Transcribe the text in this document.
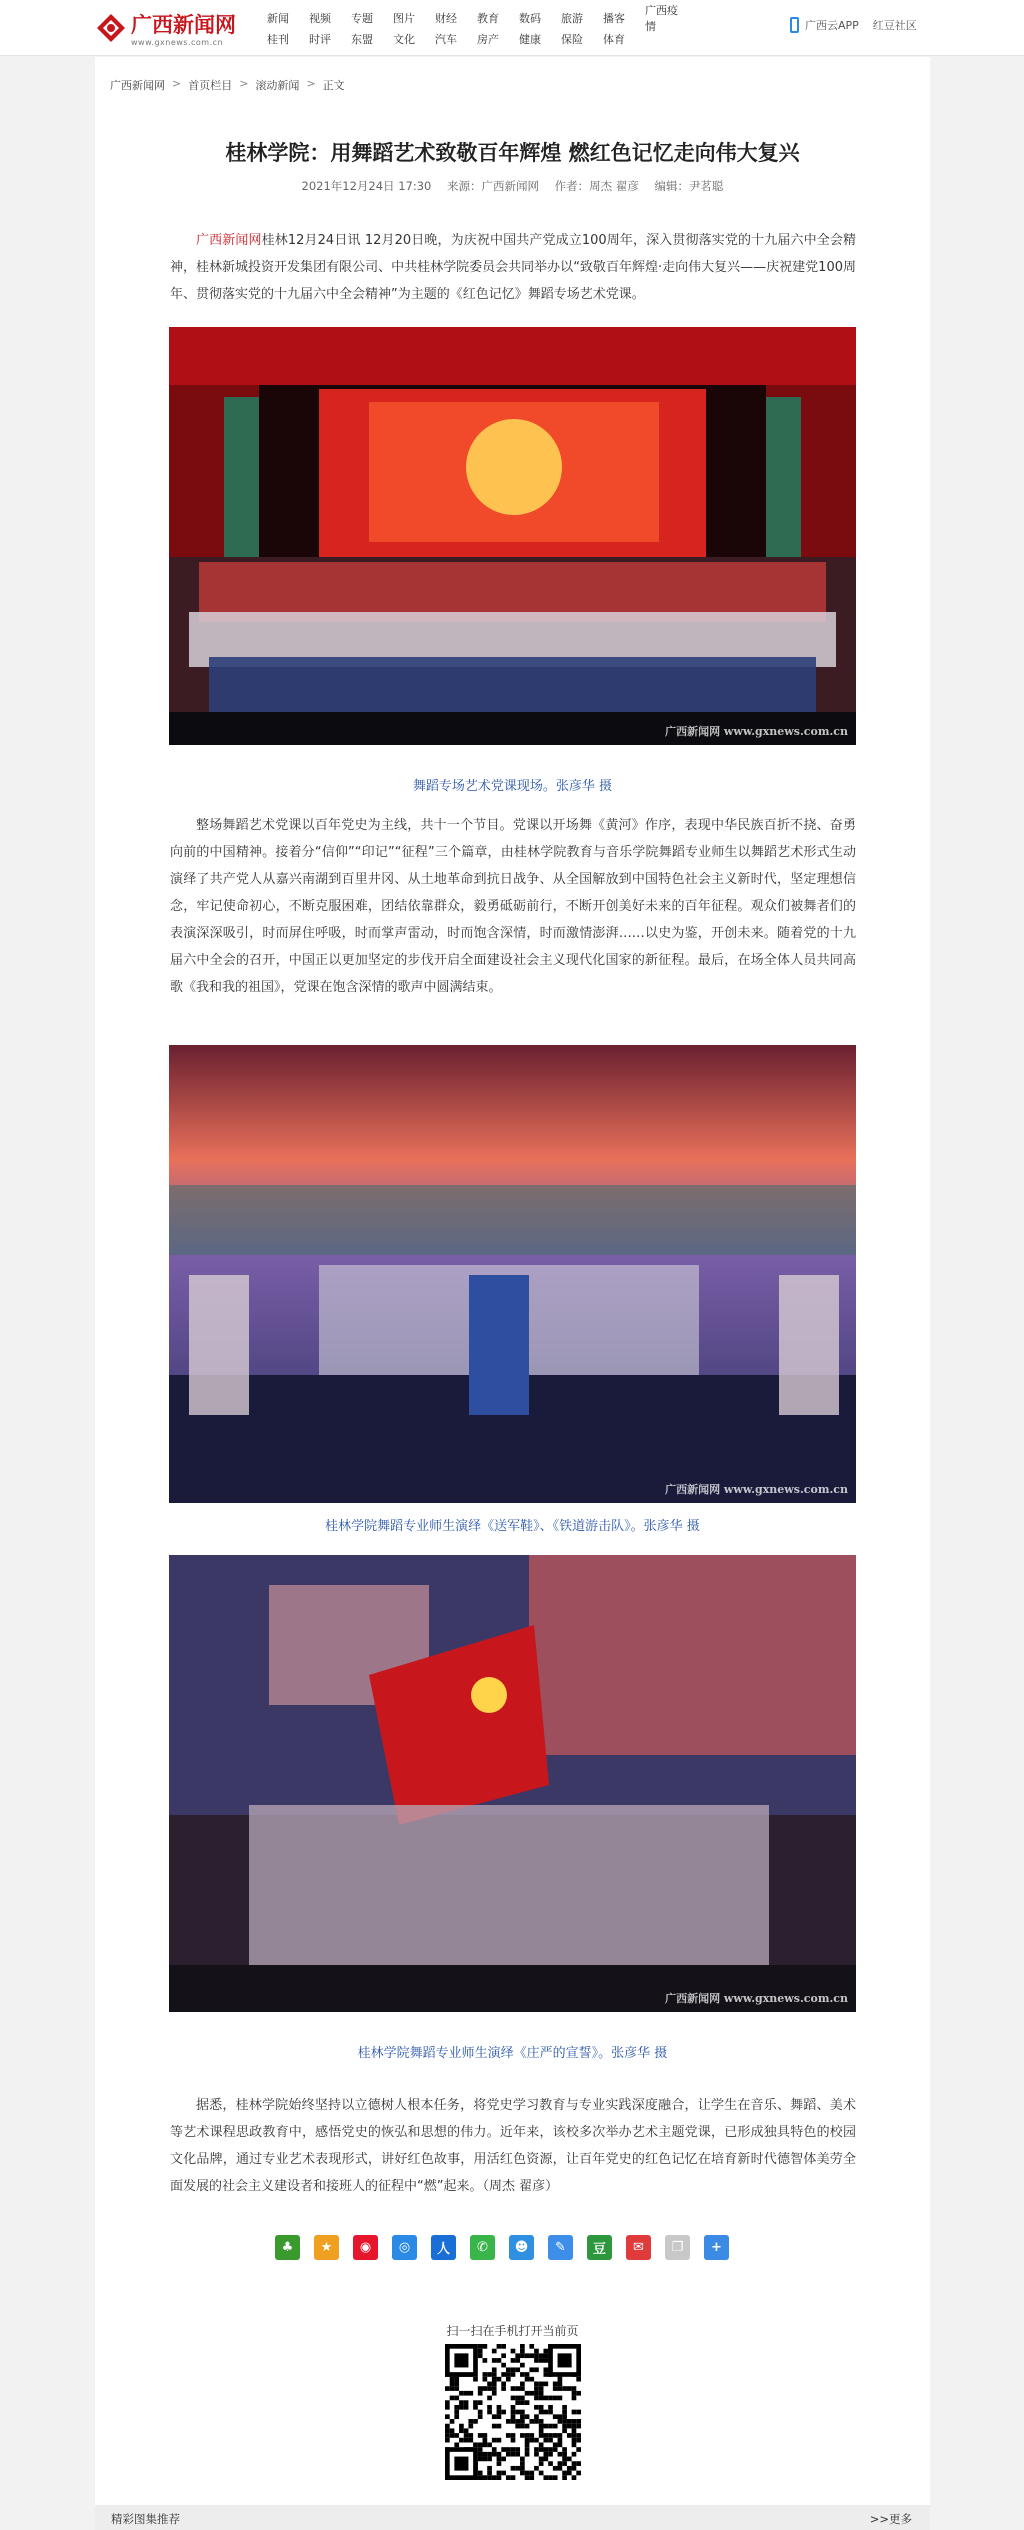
广西新闻网
www.gxnews.com.cn
新闻	视频	专题	图片	财经	教育	数码	旅游	播客
广西疫情
桂刊	时评	东盟	文化	汽车	房产	健康	保险	体育
广西云APP 红豆社区
广西新闻网 > 首页栏目 > 滚动新闻 > 正文
桂林学院：用舞蹈艺术致敬百年辉煌 燃红色记忆走向伟大复兴
2021年12月24日 17:30 来源：广西新闻网 作者：周杰 翟彦 编辑：尹茗聪

广西新闻网桂林12月24日讯 12月20日晚，为庆祝中国共产党成立100周年，深入贯彻落实党的十九届六中全会精神，桂林新城投资开发集团有限公司、中共桂林学院委员会共同举办以“致敬百年辉煌·走向伟大复兴——庆祝建党100周年、贯彻落实党的十九届六中全会精神”为主题的《红色记忆》舞蹈专场艺术党课。

广西新闻网 www.gxnews.com.cn
舞蹈专场艺术党课现场。张彦华 摄

整场舞蹈艺术党课以百年党史为主线，共十一个节目。党课以开场舞《黄河》作序，表现中华民族百折不挠、奋勇向前的中国精神。接着分“信仰”“印记”“征程”三个篇章，由桂林学院教育与音乐学院舞蹈专业师生以舞蹈艺术形式生动演绎了共产党人从嘉兴南湖到百里井冈、从土地革命到抗日战争、从全国解放到中国特色社会主义新时代，坚定理想信念，牢记使命初心，不断克服困难，团结依靠群众，毅勇砥砺前行，不断开创美好未来的百年征程。观众们被舞者们的表演深深吸引，时而屏住呼吸，时而掌声雷动，时而饱含深情，时而激情澎湃……以史为鉴，开创未来。随着党的十九届六中全会的召开，中国正以更加坚定的步伐开启全面建设社会主义现代化国家的新征程。最后，在场全体人员共同高歌《我和我的祖国》，党课在饱含深情的歌声中圆满结束。

广西新闻网 www.gxnews.com.cn
桂林学院舞蹈专业师生演绎《送军鞋》、《铁道游击队》。张彦华 摄
广西新闻网 www.gxnews.com.cn
桂林学院舞蹈专业师生演绎《庄严的宣誓》。张彦华 摄

据悉，桂林学院始终坚持以立德树人根本任务，将党史学习教育与专业实践深度融合，让学生在音乐、舞蹈、美术等艺术课程思政教育中，感悟党史的恢弘和思想的伟力。近年来，该校多次举办艺术主题党课，已形成独具特色的校园文化品牌，通过专业艺术表现形式，讲好红色故事，用活红色资源，让百年党史的红色记忆在培育新时代德智体美劳全面发展的社会主义建设者和接班人的征程中“燃”起来。（周杰 翟彦）

♣	★	◉	◎	人	✆	☻	✎	豆	✉	❐	+
扫一扫在手机打开当前页
精彩图集推荐	>>更多
